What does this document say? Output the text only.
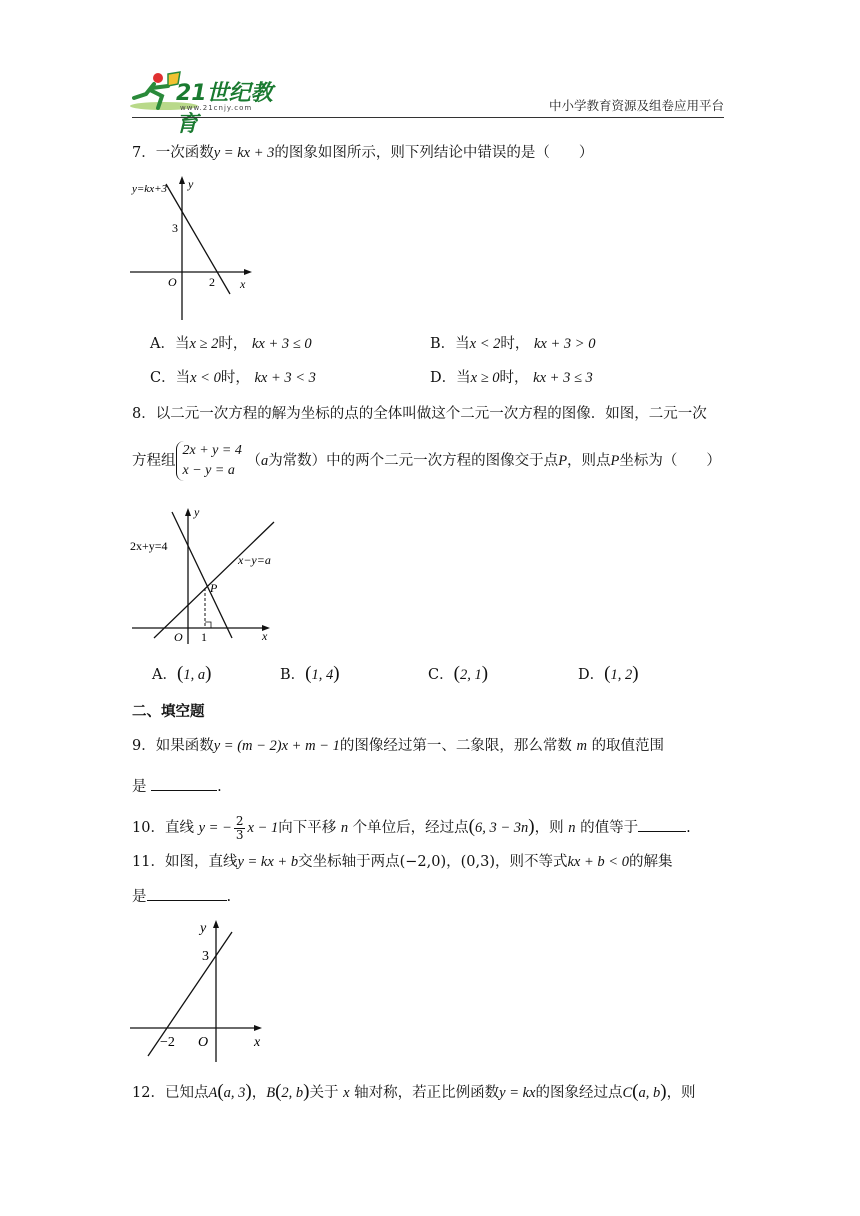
21世纪教育
www.21cnjy.com	中小学教育资源及组卷应用平台
7．一次函数y = kx + 3的图象如图所示，则下列结论中错误的是（　　）
y=kx+3 y
x
O
3
2
A．当x ≥ 2时， kx + 3 ≤ 0	B．当x < 2时， kx + 3 > 0
C．当x < 0时， kx + 3 < 3	D．当x ≥ 0时， kx + 3 ≤ 3
8．以二元一次方程的解为坐标的点的全体叫做这个二元一次方程的图像．如图，二元一次
方程组2x + y = 4
x − y = a （a为常数）中的两个二元一次方程的图像交于点P，则点P坐标为（　　）
2x+y=4
x−y=a
P
y
x
O 1
A．(1, a)	B．(1, 4)	C．(2, 1)	D．(1, 2)
二、填空题
9．如果函数y = (m − 2)x + m − 1的图像经过第一、二象限，那么常数 m 的取值范围
是	.
10．直线 y = − $\frac{2}{3}$ x − 1向下平移 n 个单位后，经过点(6, 3 − 3n)，则 n 的值等于	.
11．如图，直线y = kx + b交坐标轴于两点(−2,0)，(0,3)，则不等式kx + b < 0的解集
是	.
y
x
O
3
−2
12．已知点A(a, 3)，B(2, b)关于 x 轴对称，若正比例函数y = kx的图象经过点C(a, b)，则
